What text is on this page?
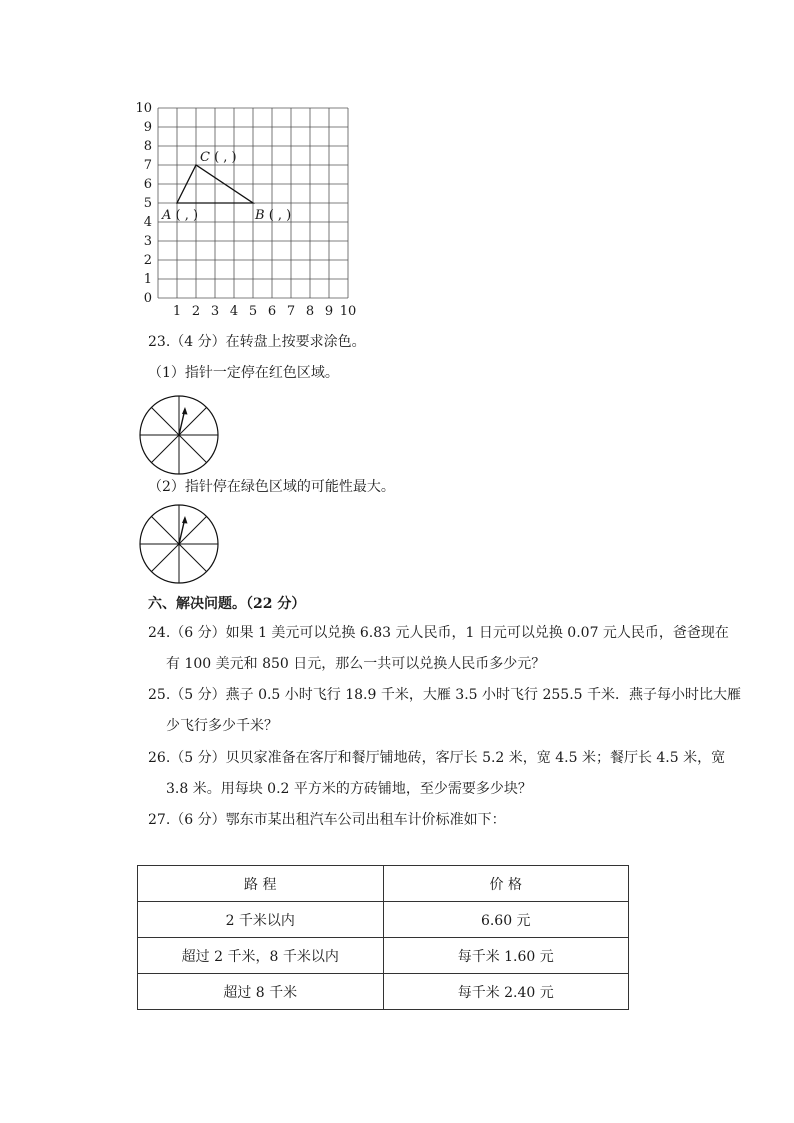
0
1
2
3
4
5
6
7
8
9
10
1 2 3 4 5 6 7 8 9 10
A ( , )	B ( , )
C ( , )
23.（4 分）在转盘上按要求涂色。
（1）指针一定停在红色区域。
（2）指针停在绿色区域的可能性最大。
六、解决问题。（22 分）
24.（6 分）如果 1 美元可以兑换 6.83 元人民币，1 日元可以兑换 0.07 元人民币，爸爸现在
有 100 美元和 850 日元，那么一共可以兑换人民币多少元？
25.（5 分）燕子 0.5 小时飞行 18.9 千米，大雁 3.5 小时飞行 255.5 千米．燕子每小时比大雁
少飞行多少千米？
26.（5 分）贝贝家准备在客厅和餐厅铺地砖，客厅长 5.2 米，宽 4.5 米；餐厅长 4.5 米，宽
3.8 米。用每块 0.2 平方米的方砖铺地，至少需要多少块？
27.（6 分）鄂东市某出租汽车公司出租车计价标准如下：
路 程	价 格
2 千米以内	6.60 元
超过 2 千米，8 千米以内	每千米 1.60 元
超过 8 千米	每千米 2.40 元
